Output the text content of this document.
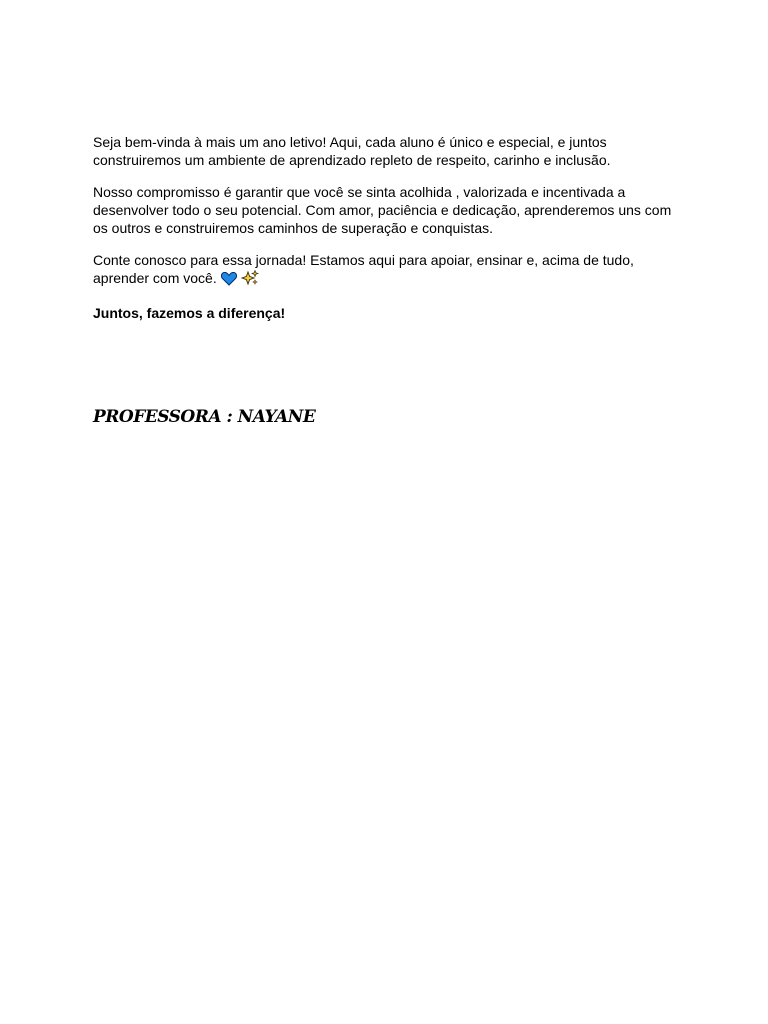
Seja bem-vinda à mais um ano letivo! Aqui, cada aluno é único e especial, e juntos construiremos um ambiente de aprendizado repleto de respeito, carinho e inclusão.

Nosso compromisso é garantir que você se sinta acolhida , valorizada e incentivada a desenvolver todo o seu potencial. Com amor, paciência e dedicação, aprenderemos uns com os outros e construiremos caminhos de superação e conquistas.

Conte conosco para essa jornada! Estamos aqui para apoiar, ensinar e, acima de tudo, aprender com você.

Juntos, fazemos a diferença!

PROFESSORA : NAYANE
